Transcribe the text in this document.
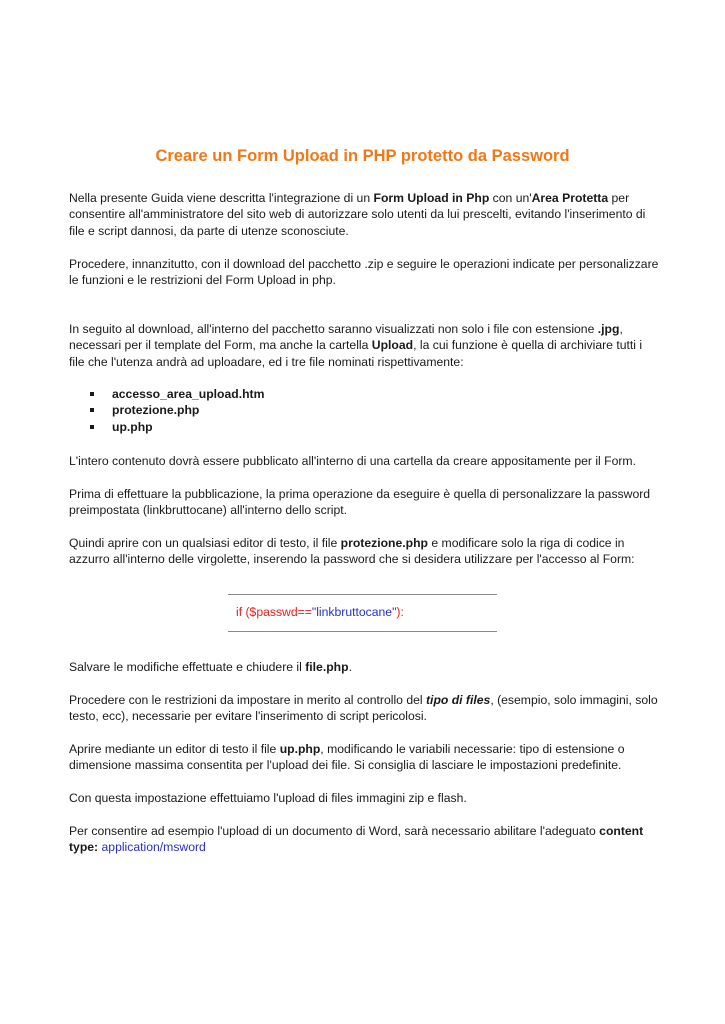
Creare un Form Upload in PHP protetto da Password

Nella presente Guida viene descritta l'integrazione di un Form Upload in Php con un'Area Protetta per consentire all'amministratore del sito web di autorizzare solo utenti da lui prescelti, evitando l'inserimento di file e script dannosi, da parte di utenze sconosciute.

Procedere, innanzitutto, con il download del pacchetto .zip e seguire le operazioni indicate per personalizzare le funzioni e le restrizioni del Form Upload in php.

In seguito al download, all'interno del pacchetto saranno visualizzati non solo i file con estensione .jpg, necessari per il template del Form, ma anche la cartella Upload, la cui funzione è quella di archiviare tutti i file che l'utenza andrà ad uploadare, ed i tre file nominati rispettivamente:

accesso_area_upload.htm
protezione.php
up.php

L'intero contenuto dovrà essere pubblicato all'interno di una cartella da creare appositamente per il Form.

Prima di effettuare la pubblicazione, la prima operazione da eseguire è quella di personalizzare la password preimpostata (linkbruttocane) all'interno dello script.

Quindi aprire con un qualsiasi editor di testo, il file protezione.php e modificare solo la riga di codice in azzurro all'interno delle virgolette, inserendo la password che si desidera utilizzare per l'accesso al Form:

if ($passwd=="linkbruttocane"):

Salvare le modifiche effettuate e chiudere il file.php.

Procedere con le restrizioni da impostare in merito al controllo del tipo di files, (esempio, solo immagini, solo testo, ecc), necessarie per evitare l'inserimento di script pericolosi.

Aprire mediante un editor di testo il file up.php, modificando le variabili necessarie: tipo di estensione o dimensione massima consentita per l'upload dei file. Si consiglia di lasciare le impostazioni predefinite.

Con questa impostazione effettuiamo l'upload di files immagini zip e flash.

Per consentire ad esempio l'upload di un documento di Word, sarà necessario abilitare l'adeguato content type: application/msword
